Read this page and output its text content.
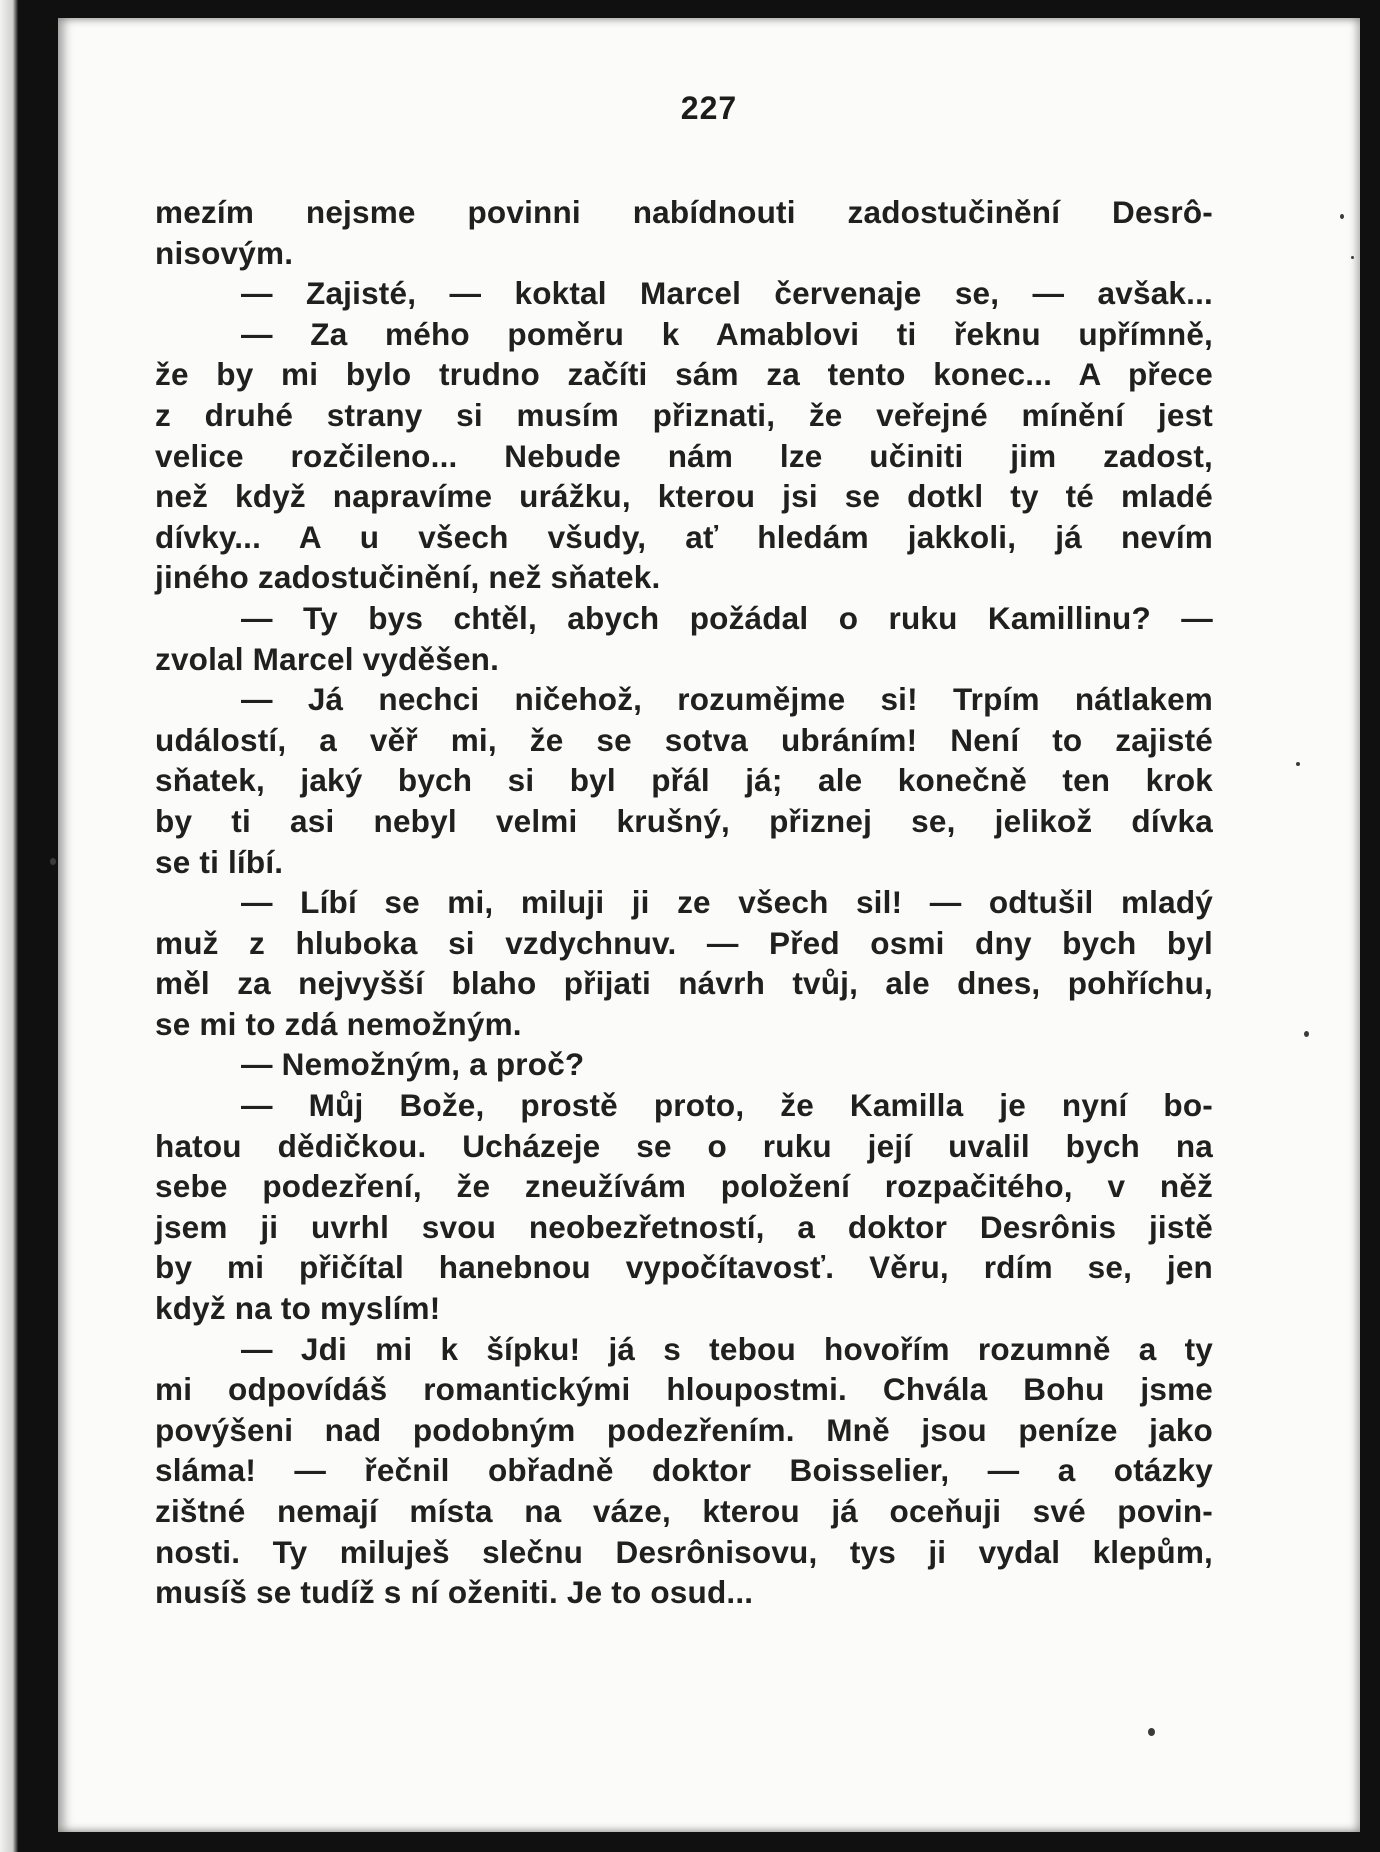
227
mezím nejsme povinni nabídnouti zadostučinění Desrô-
nisovým.
— Zajisté, — koktal Marcel červenaje se, — avšak...
— Za mého poměru k Amablovi ti řeknu upřímně,
že by mi bylo trudno začíti sám za tento konec... A přece
z druhé strany si musím přiznati, že veřejné mínění jest
velice rozčileno... Nebude nám lze učiniti jim zadost,
než když napravíme urážku, kterou jsi se dotkl ty té mladé
dívky... A u všech všudy, ať hledám jakkoli, já nevím
jiného zadostučinění, než sňatek.
— Ty bys chtěl, abych požádal o ruku Kamillinu? —
zvolal Marcel vyděšen.
— Já nechci ničehož, rozumějme si! Trpím nátlakem
událostí, a věř mi, že se sotva ubráním! Není to zajisté
sňatek, jaký bych si byl přál já; ale konečně ten krok
by ti asi nebyl velmi krušný, přiznej se, jelikož dívka
se ti líbí.
— Líbí se mi, miluji ji ze všech sil! — odtušil mladý
muž z hluboka si vzdychnuv. — Před osmi dny bych byl
měl za nejvyšší blaho přijati návrh tvůj, ale dnes, pohříchu,
se mi to zdá nemožným.
— Nemožným, a proč?
— Můj Bože, prostě proto, že Kamilla je nyní bo-
hatou dědičkou. Ucházeje se o ruku její uvalil bych na
sebe podezření, že zneužívám položení rozpačitého, v něž
jsem ji uvrhl svou neobezřetností, a doktor Desrônis jistě
by mi přičítal hanebnou vypočítavosť. Věru, rdím se, jen
když na to myslím!
— Jdi mi k šípku! já s tebou hovořím rozumně a ty
mi odpovídáš romantickými hloupostmi. Chvála Bohu jsme
povýšeni nad podobným podezřením. Mně jsou peníze jako
sláma! — řečnil obřadně doktor Boisselier, — a otázky
zištné nemají místa na váze, kterou já oceňuji své povin-
nosti. Ty miluješ slečnu Desrônisovu, tys ji vydal klepům,
musíš se tudíž s ní oženiti. Je to osud...
